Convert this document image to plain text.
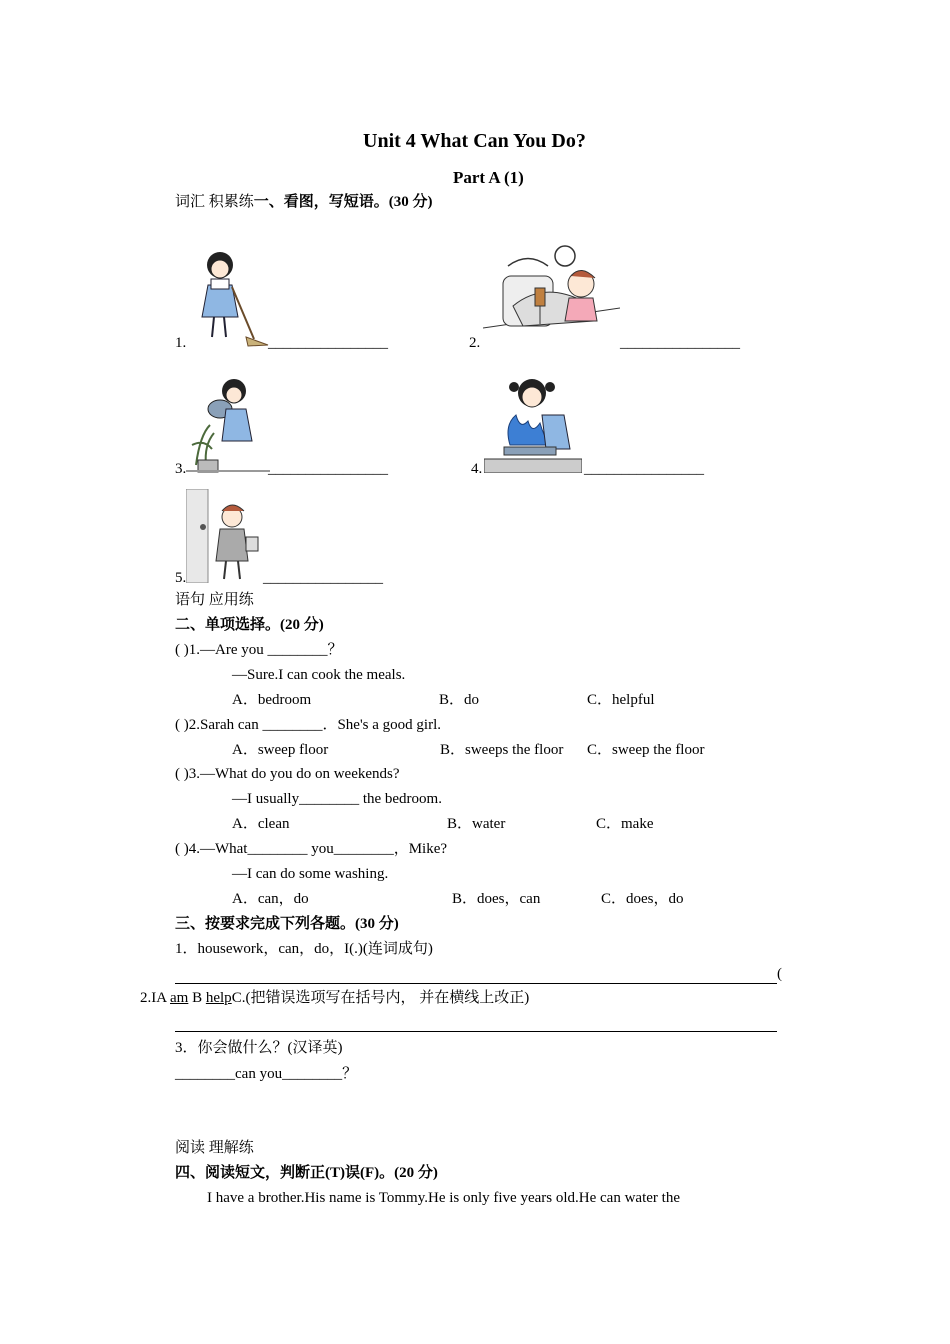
Unit 4 What Can You Do?
Part A (1)
词汇 积累练一、看图，写短语。(30 分)
1.	________________	2.	________________
3.	________________	4.	________________
5.	________________
语句 应用练
二、单项选择。(20 分)
( )1.—Are you ________？
—Sure.I can cook the meals.
A．bedroom	B．do	C．helpful
( )2.Sarah can ________．She's a good girl.
A．sweep floor	B．sweeps the floor C．sweep the floor
( )3.—What do you do on weekends?
—I usually________ the bedroom.
A．clean	B．water	C．make
( )4.—What________ you________，Mike?
—I can do some washing.
A．can，do	B．does，can	C．does，do
三、按要求完成下列各题。(30 分)
1．housework，can，do，I(.)(连词成句)
(
2.IA am B helpC.(把错误选项写在括号内， 并在横线上改正)
3．你会做什么？(汉译英)
________can you________？
阅读 理解练
四、阅读短文，判断正(T)误(F)。(20 分)
I have a brother.His name is Tommy.He is only five years old.He can water the
